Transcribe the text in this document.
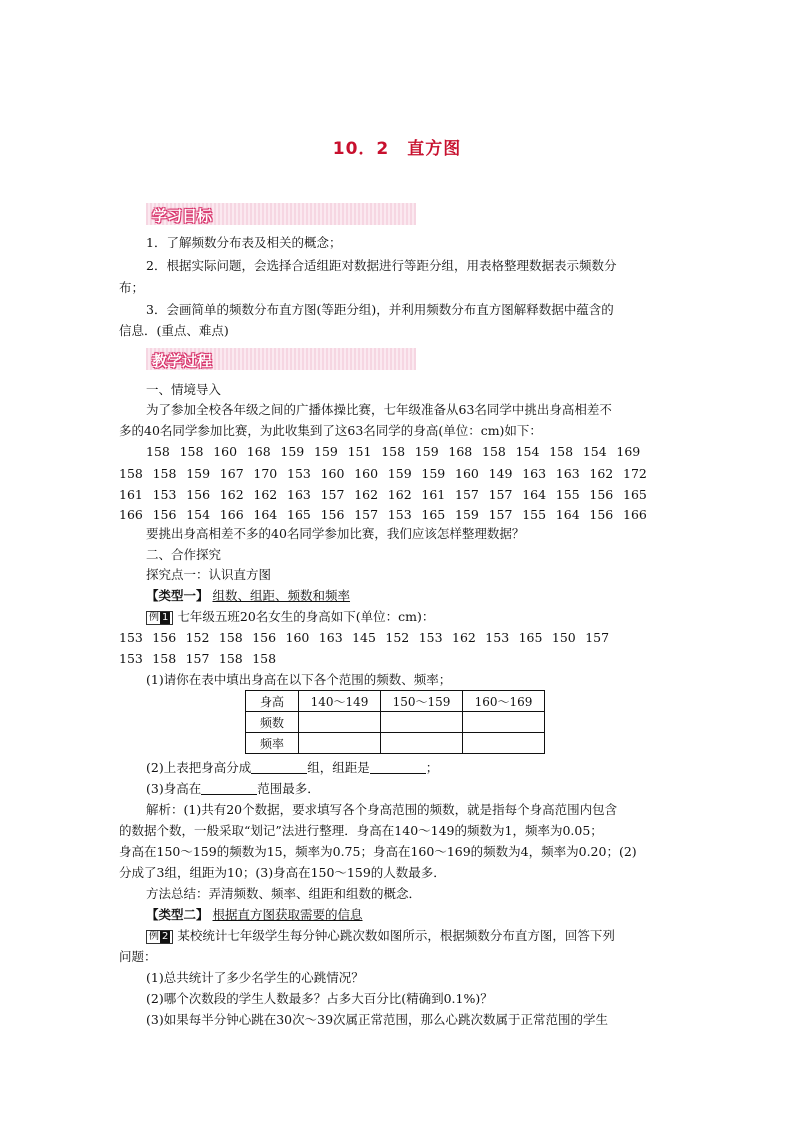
10．2　直方图
学习目标
1．了解频数分布表及相关的概念；
2．根据实际问题，会选择合适组距对数据进行等距分组，用表格整理数据表示频数分
布；
3．会画简单的频数分布直方图(等距分组)，并利用频数分布直方图解释数据中蕴含的
信息．(重点、难点)
教学过程
一、情境导入
为了参加全校各年级之间的广播体操比赛，七年级准备从63名同学中挑出身高相差不
多的40名同学参加比赛，为此收集到了这63名同学的身高(单位：cm)如下：
158 158 160 168 159 159 151 158 159 168 158 154 158 154 169
158 158 159 167 170 153 160 160 159 159 160 149 163 163 162 172
161 153 156 162 162 163 157 162 162 161 157 157 164 155 156 165
166 156 154 166 164 165 156 157 153 165 159 157 155 164 156 166
要挑出身高相差不多的40名同学参加比赛，我们应该怎样整理数据？
二、合作探究
探究点一：认识直方图
【类型一】 组数、组距、频数和频率
例 1 七年级五班20名女生的身高如下(单位：cm)：
153 156 152 158 156 160 163 145 152 153 162 153 165 150 157
153 158 157 158 158
(1)请你在表中填出身高在以下各个范围的频数、频率；
身高	140～149	150～159	160～169
频数			
频率			
(2)上表把身高分成	组，组距是	；
(3)身高在	范围最多．
解析：(1)共有20个数据，要求填写各个身高范围的频数，就是指每个身高范围内包含
的数据个数，一般采取“划记”法进行整理．身高在140～149的频数为1，频率为0.05；
身高在150～159的频数为15，频率为0.75；身高在160～169的频数为4，频率为0.20；(2)
分成了3组，组距为10；(3)身高在150～159的人数最多．
方法总结：弄清频数、频率、组距和组数的概念．
【类型二】 根据直方图获取需要的信息
例 2 某校统计七年级学生每分钟心跳次数如图所示，根据频数分布直方图，回答下列
问题：
(1)总共统计了多少名学生的心跳情况？
(2)哪个次数段的学生人数最多？占多大百分比(精确到0.1%)？
(3)如果每半分钟心跳在30次～39次属正常范围，那么心跳次数属于正常范围的学生
